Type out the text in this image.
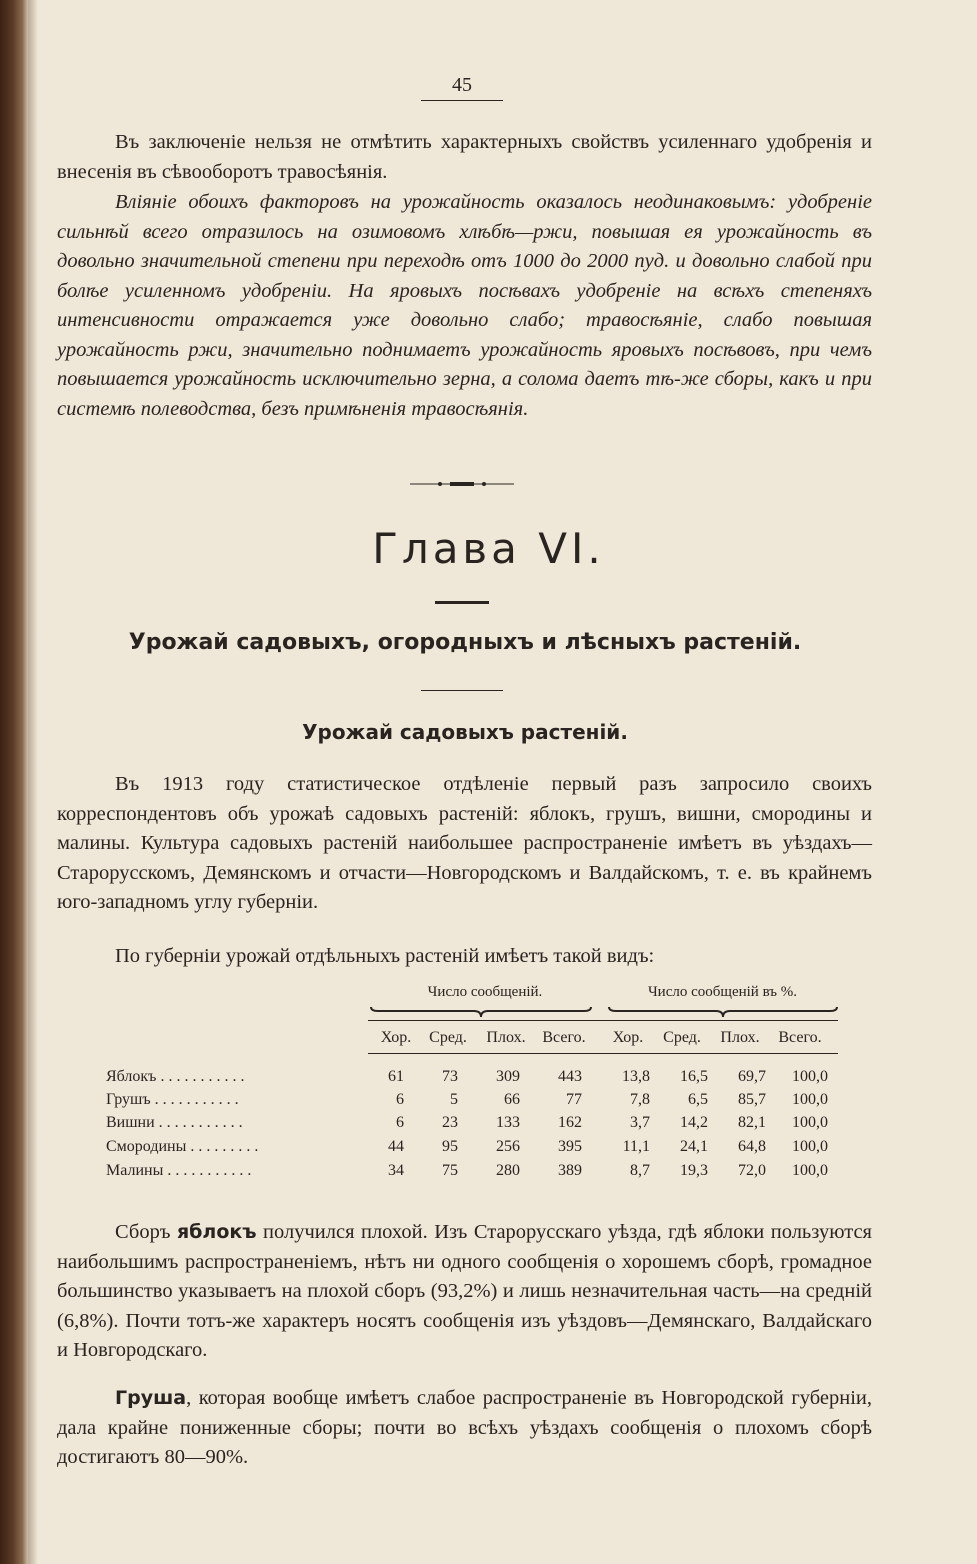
45

Въ заключеніе нельзя не отмѣтить характерныхъ свойствъ усиленнаго удобренія и внесенія въ сѣвооборотъ травосѣянія.

Вліяніе обоихъ факторовъ на урожайность оказалось неодинаковымъ: удобреніе сильнѣй всего отразилось на озимовомъ хлѣбѣ—ржи, повышая ея урожайность въ довольно значительной степени при переходѣ отъ 1000 до 2000 пуд. и довольно слабой при болѣе усиленномъ удобреніи. На яровыхъ посѣвахъ удобреніе на всѣхъ степеняхъ интенсивности отражается уже довольно слабо; травосѣяніе, слабо повышая урожайность ржи, значительно поднимаетъ урожайность яровыхъ посѣвовъ, при чемъ повышается урожайность исключительно зерна, а солома даетъ тѣ-же сборы, какъ и при системѣ полеводства, безъ примѣненія травосѣянія.

Глава VI.
Урожай садовыхъ, огородныхъ и лѣсныхъ растеній.
Урожай садовыхъ растеній.

Въ 1913 году статистическое отдѣленіе первый разъ запросило своихъ корреспондентовъ объ урожаѣ садовыхъ растеній: яблокъ, грушъ, вишни, смородины и малины. Культура садовыхъ растеній наибольшее распространеніе имѣетъ въ уѣздахъ—Старорусскомъ, Демянскомъ и отчасти—Новгородскомъ и Валдайскомъ, т. е. въ крайнемъ юго-западномъ углу губерніи.

По губерніи урожай отдѣльныхъ растеній имѣетъ такой видъ:

Число сообщеній.	Число сообщеній въ %.
Хор.	Сред.	Плох.	Всего.	Хор.	Сред.	Плох.	Всего.
Яблокъ . . . . . . . . . . .	61	73	309	443	13,8	16,5	69,7	100,0
Грушъ . . . . . . . . . . .	6	5	66	77	7,8	6,5	85,7	100,0
Вишни . . . . . . . . . . .	6	23	133	162	3,7	14,2	82,1	100,0
Смородины . . . . . . . . .	44	95	256	395	11,1	24,1	64,8	100,0
Малины . . . . . . . . . . .	34	75	280	389	8,7	19,3	72,0	100,0

Сборъ яблокъ получился плохой. Изъ Старорусскаго уѣзда, гдѣ яблоки пользуются наибольшимъ распространеніемъ, нѣтъ ни одного сообщенія о хорошемъ сборѣ, громадное большинство указываетъ на плохой сборъ (93,2%) и лишь незначительная часть—на средній (6,8%). Почти тотъ-же характеръ носятъ сообщенія изъ уѣздовъ—Демянскаго, Валдайскаго и Новгородскаго.

Груша, которая вообще имѣетъ слабое распространеніе въ Новгородской губерніи, дала крайне пониженные сборы; почти во всѣхъ уѣздахъ сообщенія о плохомъ сборѣ достигаютъ 80—90%.
